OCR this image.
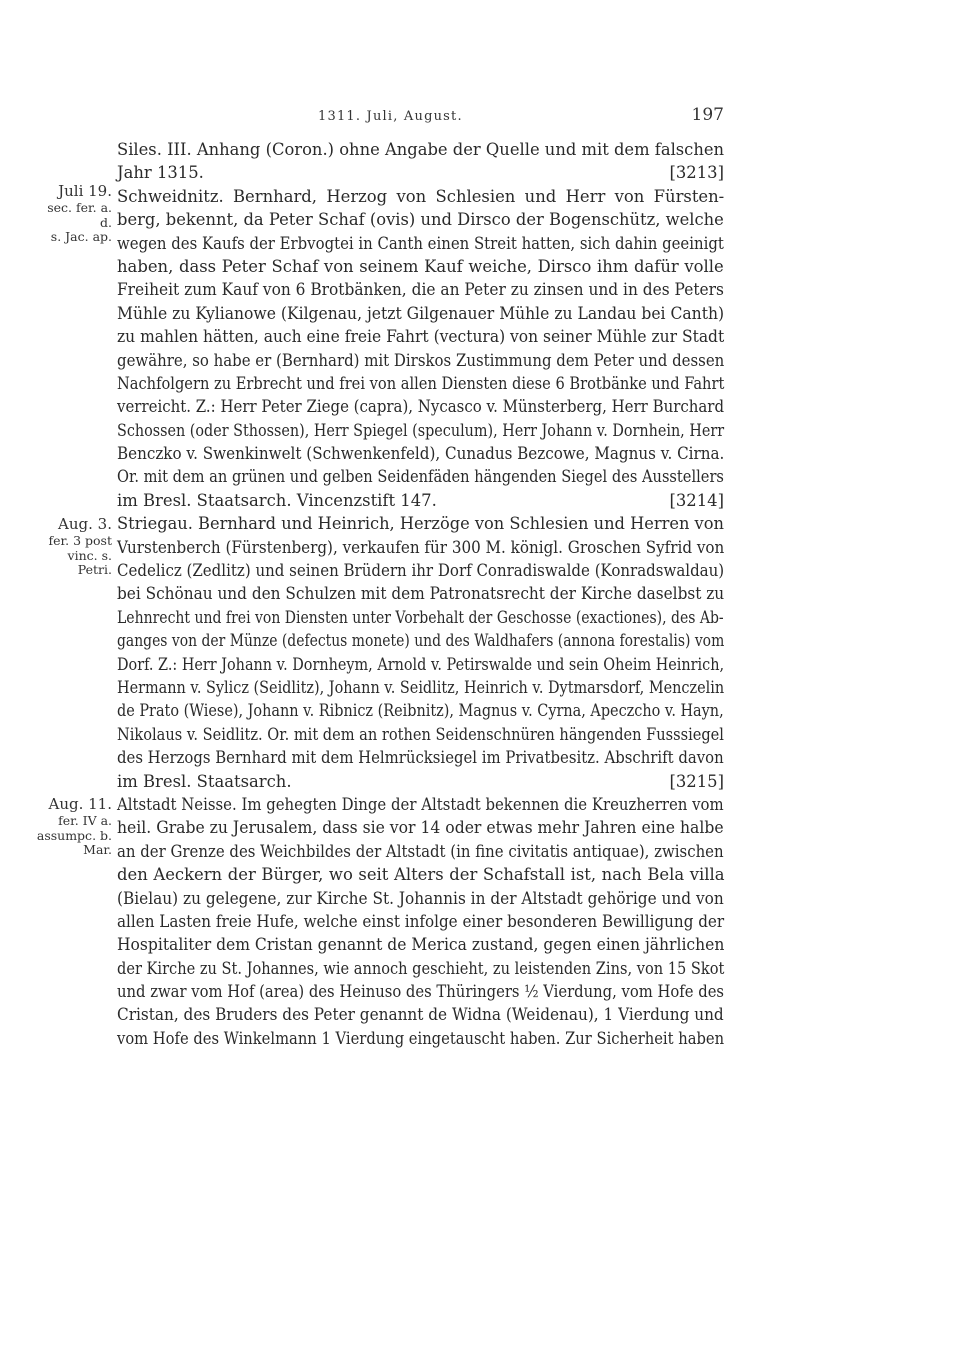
1311. Juli, August.	197
Juli 19.
sec. fer. a. d.
s. Jac. ap.
Aug. 3.
fer. 3 post
vinc. s. Petri.
Aug. 11.
fer. IV a.
assumpc. b.
Mar.
Siles. III. Anhang (Coron.) ohne Angabe der Quelle und mit dem falschen
Jahr 1315.	[3213]
Schweidnitz. Bernhard, Herzog von Schlesien und Herr von Fürsten-
berg, bekennt, da Peter Schaf (ovis) und Dirsco der Bogenschütz, welche
wegen des Kaufs der Erbvogtei in Canth einen Streit hatten, sich dahin geeinigt
haben, dass Peter Schaf von seinem Kauf weiche, Dirsco ihm dafür volle
Freiheit zum Kauf von 6 Brotbänken, die an Peter zu zinsen und in des Peters
Mühle zu Kylianowe (Kilgenau, jetzt Gilgenauer Mühle zu Landau bei Canth)
zu mahlen hätten, auch eine freie Fahrt (vectura) von seiner Mühle zur Stadt
gewähre, so habe er (Bernhard) mit Dirskos Zustimmung dem Peter und dessen
Nachfolgern zu Erbrecht und frei von allen Diensten diese 6 Brotbänke und Fahrt
verreicht. Z.: Herr Peter Ziege (capra), Nycasco v. Münsterberg, Herr Burchard
Schossen (oder Sthossen), Herr Spiegel (speculum), Herr Johann v. Dornhein, Herr
Benczko v. Swenkinwelt (Schwenkenfeld), Cunadus Bezcowe, Magnus v. Cirna.
Or. mit dem an grünen und gelben Seidenfäden hängenden Siegel des Ausstellers
im Bresl. Staatsarch. Vincenzstift 147.	[3214]
Striegau. Bernhard und Heinrich, Herzöge von Schlesien und Herren von
Vurstenberch (Fürstenberg), verkaufen für 300 M. königl. Groschen Syfrid von
Cedelicz (Zedlitz) und seinen Brüdern ihr Dorf Conradiswalde (Konradswaldau)
bei Schönau und den Schulzen mit dem Patronatsrecht der Kirche daselbst zu
Lehnrecht und frei von Diensten unter Vorbehalt der Geschosse (exactiones), des Ab-
ganges von der Münze (defectus monete) und des Waldhafers (annona forestalis) vom
Dorf. Z.: Herr Johann v. Dornheym, Arnold v. Petirswalde und sein Oheim Heinrich,
Hermann v. Sylicz (Seidlitz), Johann v. Seidlitz, Heinrich v. Dytmarsdorf, Menczelin
de Prato (Wiese), Johann v. Ribnicz (Reibnitz), Magnus v. Cyrna, Apeczcho v. Hayn,
Nikolaus v. Seidlitz. Or. mit dem an rothen Seidenschnüren hängenden Fusssiegel
des Herzogs Bernhard mit dem Helmrücksiegel im Privatbesitz. Abschrift davon
im Bresl. Staatsarch.	[3215]
Altstadt Neisse. Im gehegten Dinge der Altstadt bekennen die Kreuzherren vom
heil. Grabe zu Jerusalem, dass sie vor 14 oder etwas mehr Jahren eine halbe
an der Grenze des Weichbildes der Altstadt (in fine civitatis antiquae), zwischen
den Aeckern der Bürger, wo seit Alters der Schafstall ist, nach Bela villa
(Bielau) zu gelegene, zur Kirche St. Johannis in der Altstadt gehörige und von
allen Lasten freie Hufe, welche einst infolge einer besonderen Bewilligung der
Hospitaliter dem Cristan genannt de Merica zustand, gegen einen jährlichen
der Kirche zu St. Johannes, wie annoch geschieht, zu leistenden Zins, von 15 Skot
und zwar vom Hof (area) des Heinuso des Thüringers ½ Vierdung, vom Hofe des
Cristan, des Bruders des Peter genannt de Widna (Weidenau), 1 Vierdung und
vom Hofe des Winkelmann 1 Vierdung eingetauscht haben. Zur Sicherheit haben
